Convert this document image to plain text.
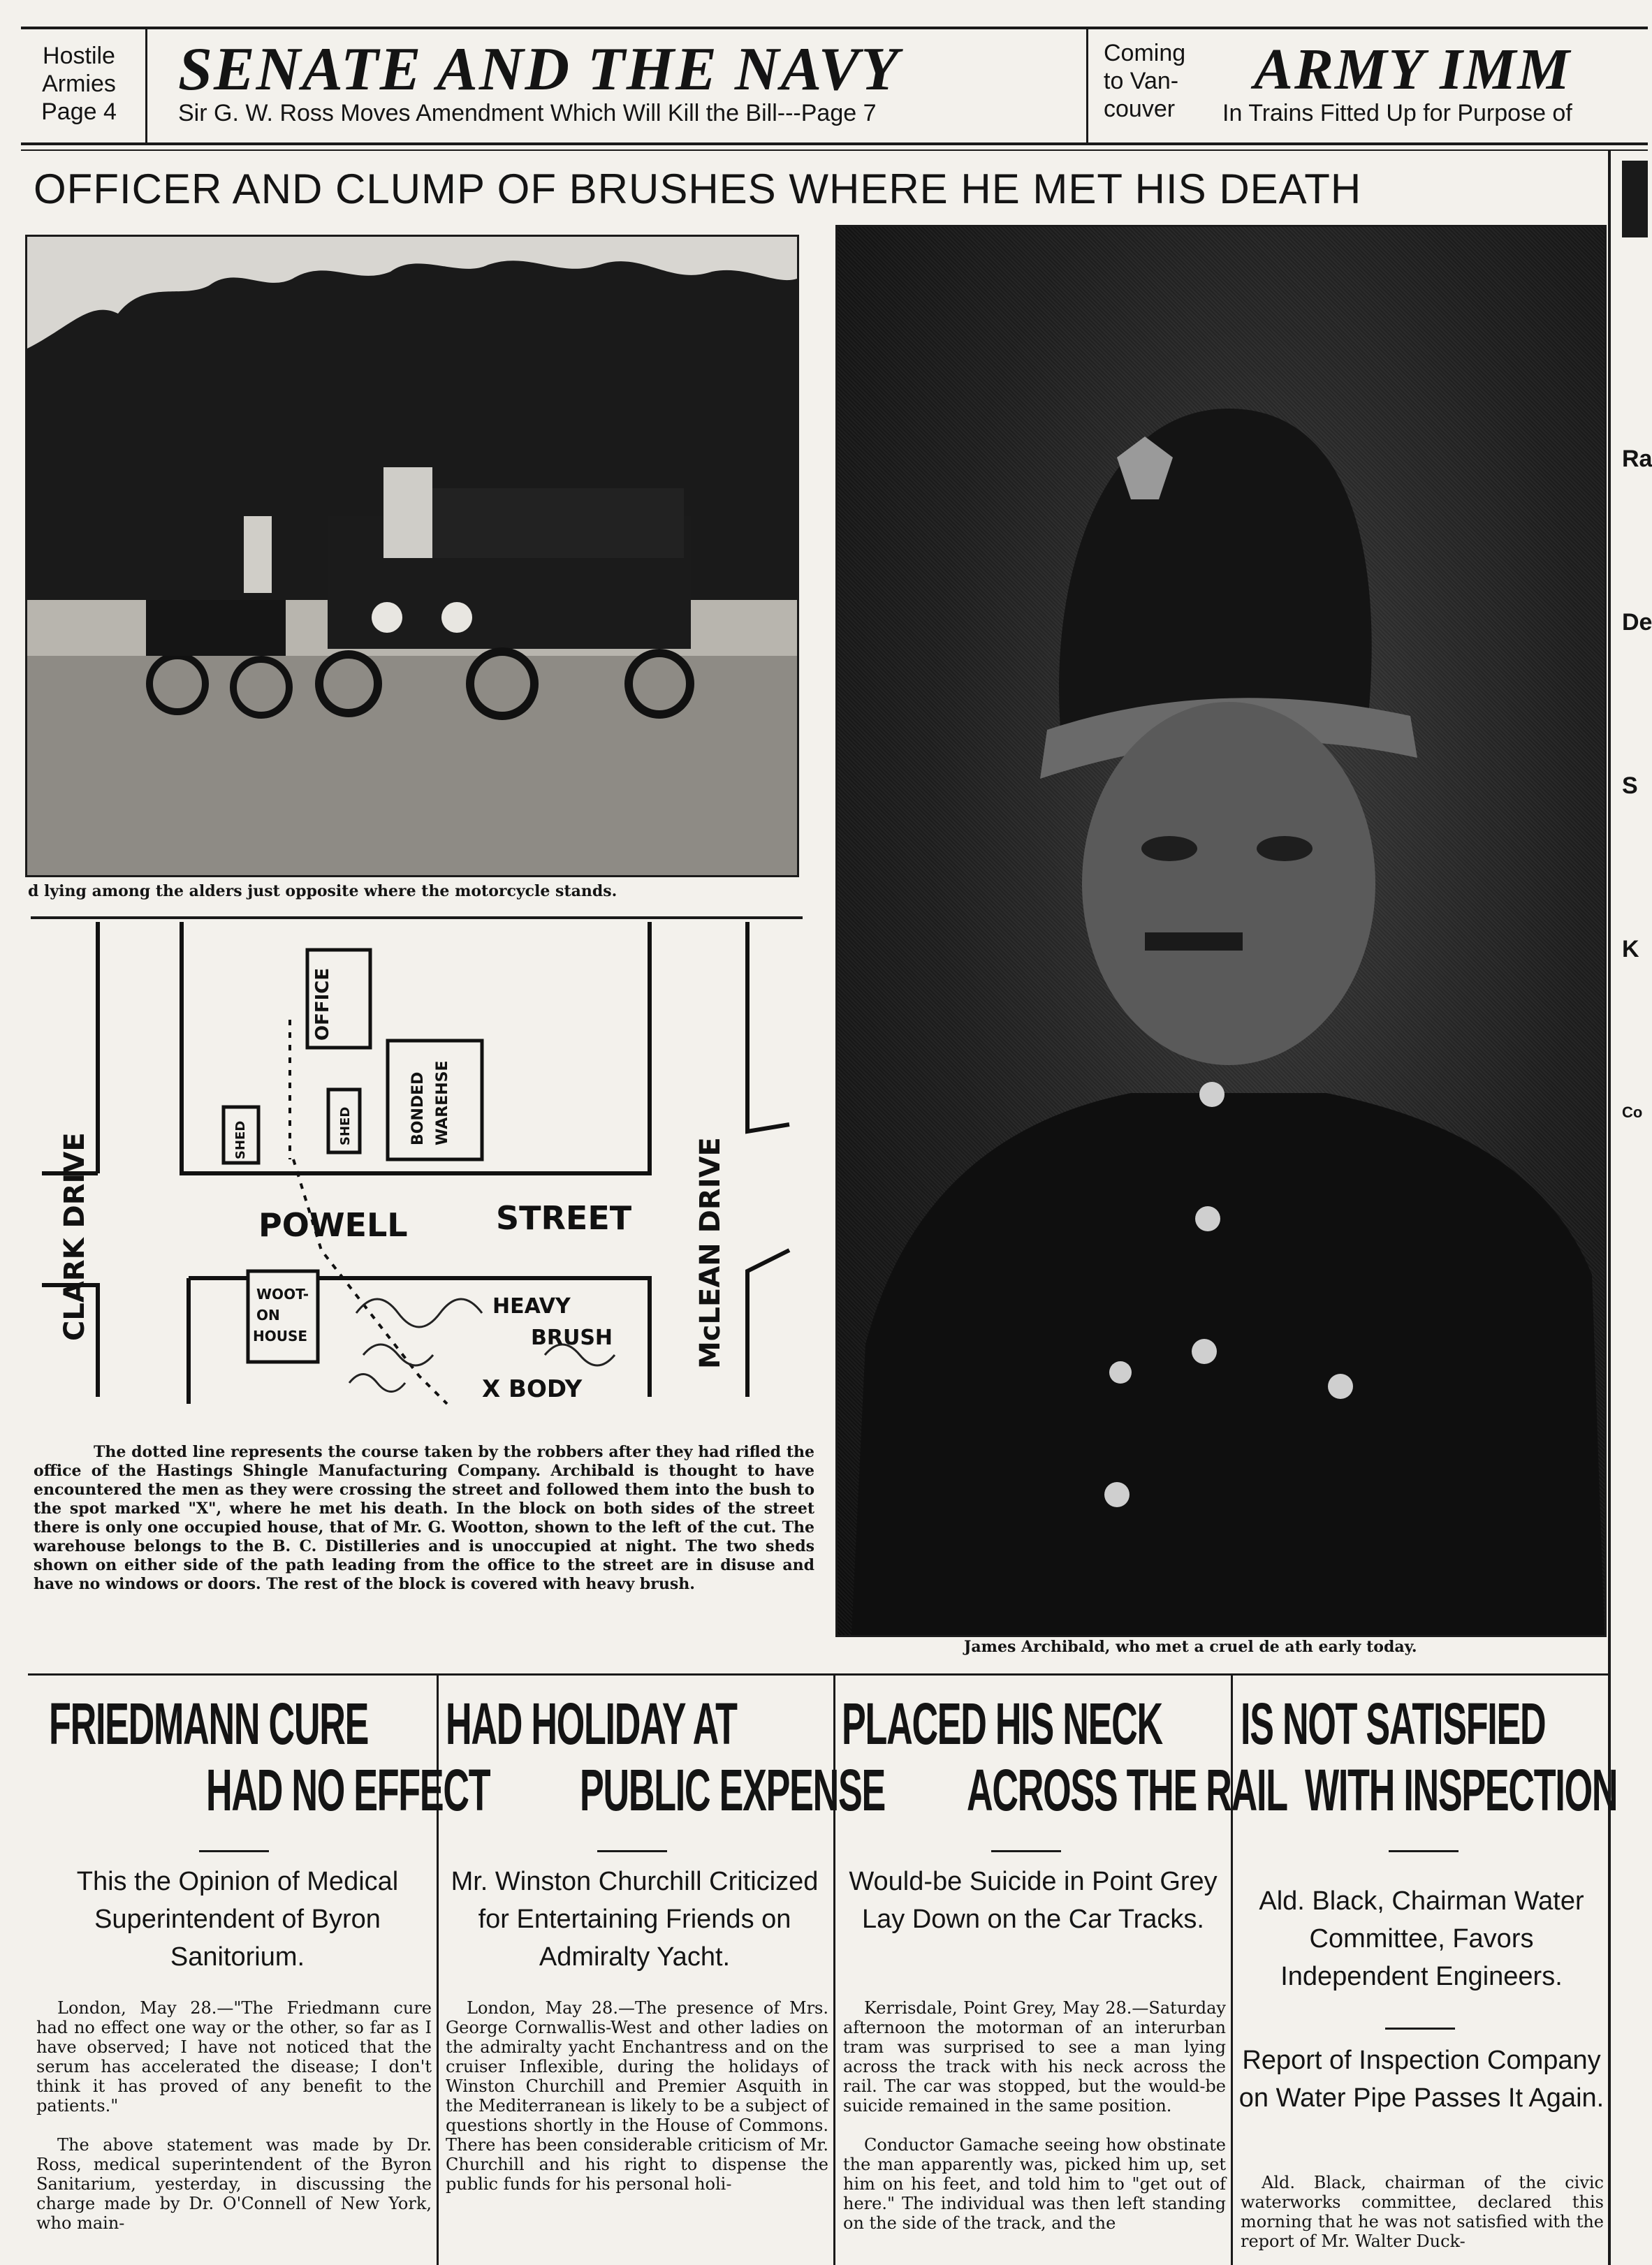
Hostile
Armies
Page 4
SENATE AND THE NAVY
Sir G. W. Ross Moves Amendment Which Will Kill the Bill---Page 7
Coming
to Van-
couver
ARMY IMM
In Trains Fitted Up for Purpose of
OFFICER AND CLUMP OF BRUSHES WHERE HE MET HIS DEATH
Ra
De
S
K
Co
d lying among the alders just opposite where the motorcycle stands.
OFFICE
BONDED WAREHSE
SHED	SHED
POWELL	STREET
CLARK DRIVE	McLEAN DRIVE
WOOT-
ON
HOUSE
HEAVY
BRUSH
X BODY
The dotted line represents the course taken by the robbers after they had rifled the office of the Hastings Shingle Manufacturing Company. Archibald is thought to have encountered the men as they were crossing the street and followed them into the bush to the spot marked "X", where he met his death. In the block on both sides of the street there is only one occupied house, that of Mr. G. Wootton, shown to the left of the cut. The warehouse belongs to the B. C. Distilleries and is unoccupied at night. The two sheds shown on either side of the path leading from the office to the street are in disuse and have no windows or doors. The rest of the block is covered with heavy brush.
James Archibald, who met a cruel de ath early today.
FRIEDMANN CURE
HAD NO EFFECT
This the Opinion of Medical Superintendent of Byron Sanitorium.
London, May 28.—"The Friedmann cure had no effect one way or the other, so far as I have observed; I have not noticed that the serum has accelerated the disease; I don't think it has proved of any benefit to the patients."
The above statement was made by Dr. Ross, medical superintendent of the Byron Sanitarium, yesterday, in discussing the charge made by Dr. O'Connell of New York, who main-
HAD HOLIDAY AT
PUBLIC EXPENSE
Mr. Winston Churchill Criticized for Entertaining Friends on Admiralty Yacht.
London, May 28.—The presence of Mrs. George Cornwallis-West and other ladies on the admiralty yacht Enchantress and on the cruiser Inflexible, during the holidays of Winston Churchill and Premier Asquith in the Mediterranean is likely to be a subject of questions shortly in the House of Commons. There has been considerable criticism of Mr. Churchill and his right to dispense the public funds for his personal holi-
PLACED HIS NECK
ACROSS THE RAIL
Would-be Suicide in Point Grey Lay Down on the Car Tracks.
Kerrisdale, Point Grey, May 28.—Saturday afternoon the motorman of an interurban tram was surprised to see a man lying across the track with his neck across the rail. The car was stopped, but the would-be suicide remained in the same position.
Conductor Gamache seeing how obstinate the man apparently was, picked him up, set him on his feet, and told him to "get out of here." The individual was then left standing on the side of the track, and the
IS NOT SATISFIED
WITH INSPECTION
Ald. Black, Chairman Water Committee, Favors Independent Engineers.
Report of Inspection Company on Water Pipe Passes It Again.
Ald. Black, chairman of the civic waterworks committee, declared this morning that he was not satisfied with the report of Mr. Walter Duck-
